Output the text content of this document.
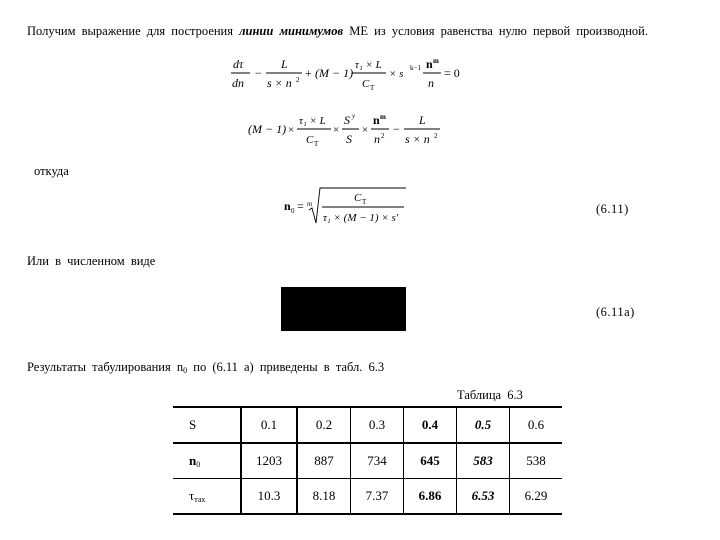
Получим выражение для построения линии минимумов МЕ из условия равенства нулю первой производной.
dτ
dn
−
L
s × n 2 + (M − 1)
τ₁ × L
C T
× s k−1 n m
n
= 0
(M − 1) ×
τ₁ × L
C T
×
S y
S
×
n m
n 2 −
L
s × n 2
откуда
n 0 = m	C T
τ₁ × (M − 1) × s'
(6.11)
Или в численном виде
(6.11а)
Результаты табулирования $n_0$ по (6.11 а) приведены в табл. 6.3
Таблица 6.3
S	0.1	0.2	0.3	0.4	0.5	0.6
$n_0$	1203	887	734	645	583	538
$\tau_{тах}$	10.3	8.18	7.37	6.86	6.53	6.29
